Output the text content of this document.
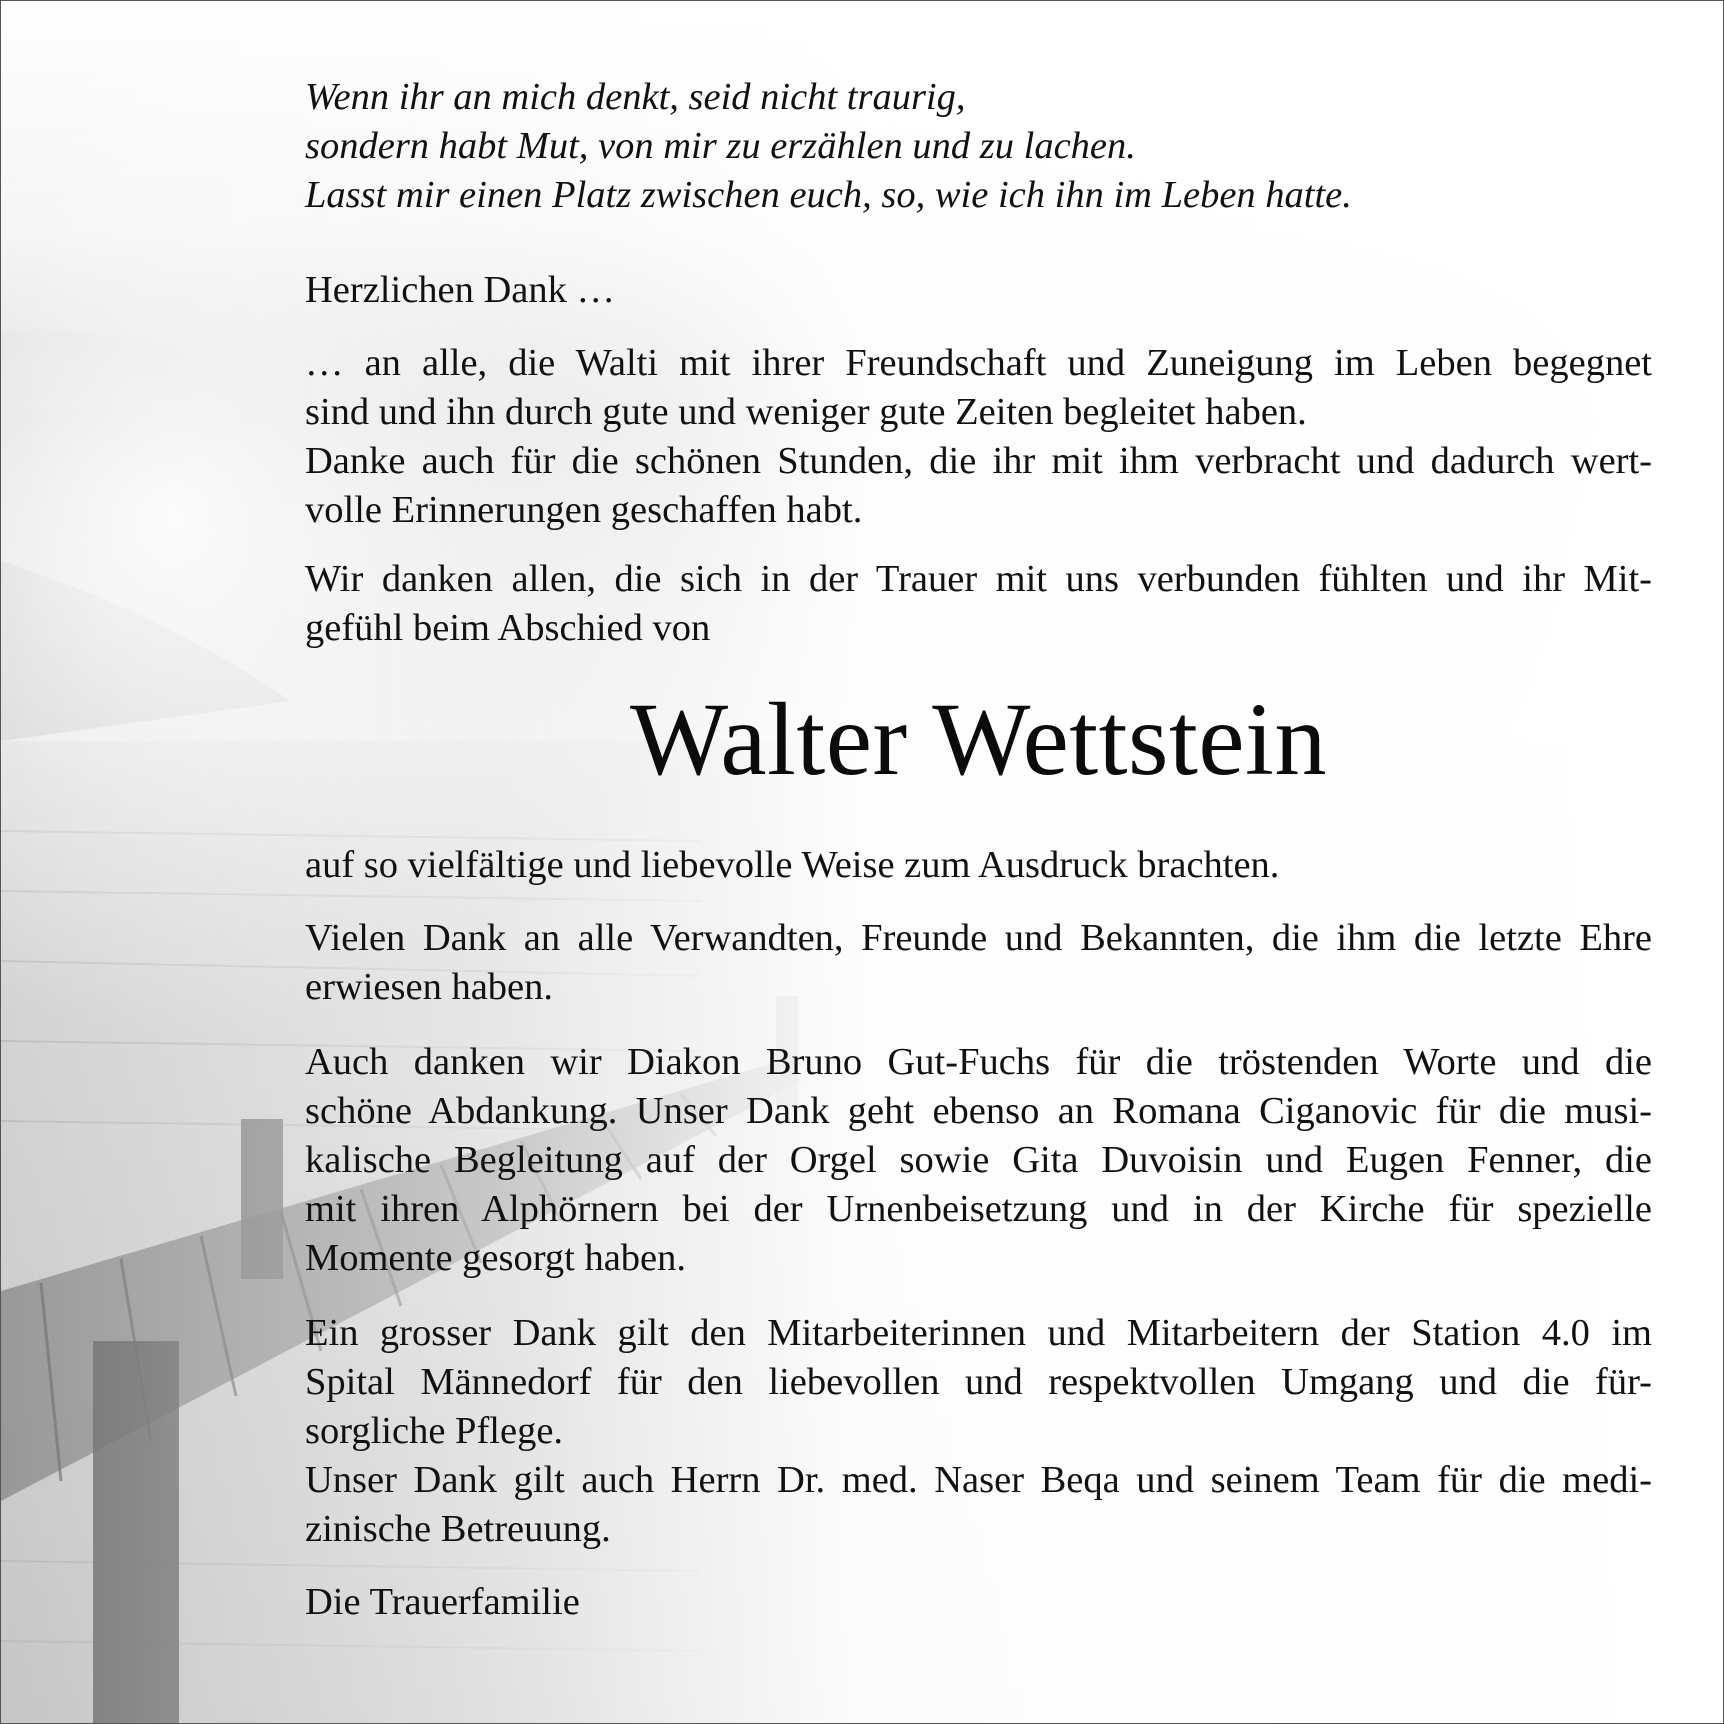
Wenn ihr an mich denkt, seid nicht traurig,
sondern habt Mut, von mir zu erzählen und zu lachen.
Lasst mir einen Platz zwischen euch, so, wie ich ihn im Leben hatte.

Herzlichen Dank …

… an alle, die Walti mit ihrer Freundschaft und Zuneigung im Leben begegnet
sind und ihn durch gute und weniger gute Zeiten begleitet haben.
Danke auch für die schönen Stunden, die ihr mit ihm verbracht und dadurch wert-
volle Erinnerungen geschaffen habt.

Wir danken allen, die sich in der Trauer mit uns verbunden fühlten und ihr Mit-
gefühl beim Abschied von

Walter Wettstein

auf so vielfältige und liebevolle Weise zum Ausdruck brachten.

Vielen Dank an alle Verwandten, Freunde und Bekannten, die ihm die letzte Ehre
erwiesen haben.

Auch danken wir Diakon Bruno Gut-Fuchs für die tröstenden Worte und die
schöne Abdankung. Unser Dank geht ebenso an Romana Ciganovic für die musi-
kalische Begleitung auf der Orgel sowie Gita Duvoisin und Eugen Fenner, die
mit ihren Alphörnern bei der Urnenbeisetzung und in der Kirche für spezielle
Momente gesorgt haben.

Ein grosser Dank gilt den Mitarbeiterinnen und Mitarbeitern der Station 4.0 im
Spital Männedorf für den liebevollen und respektvollen Umgang und die für-
sorgliche Pflege.
Unser Dank gilt auch Herrn Dr. med. Naser Beqa und seinem Team für die medi-
zinische Betreuung.

Die Trauerfamilie
